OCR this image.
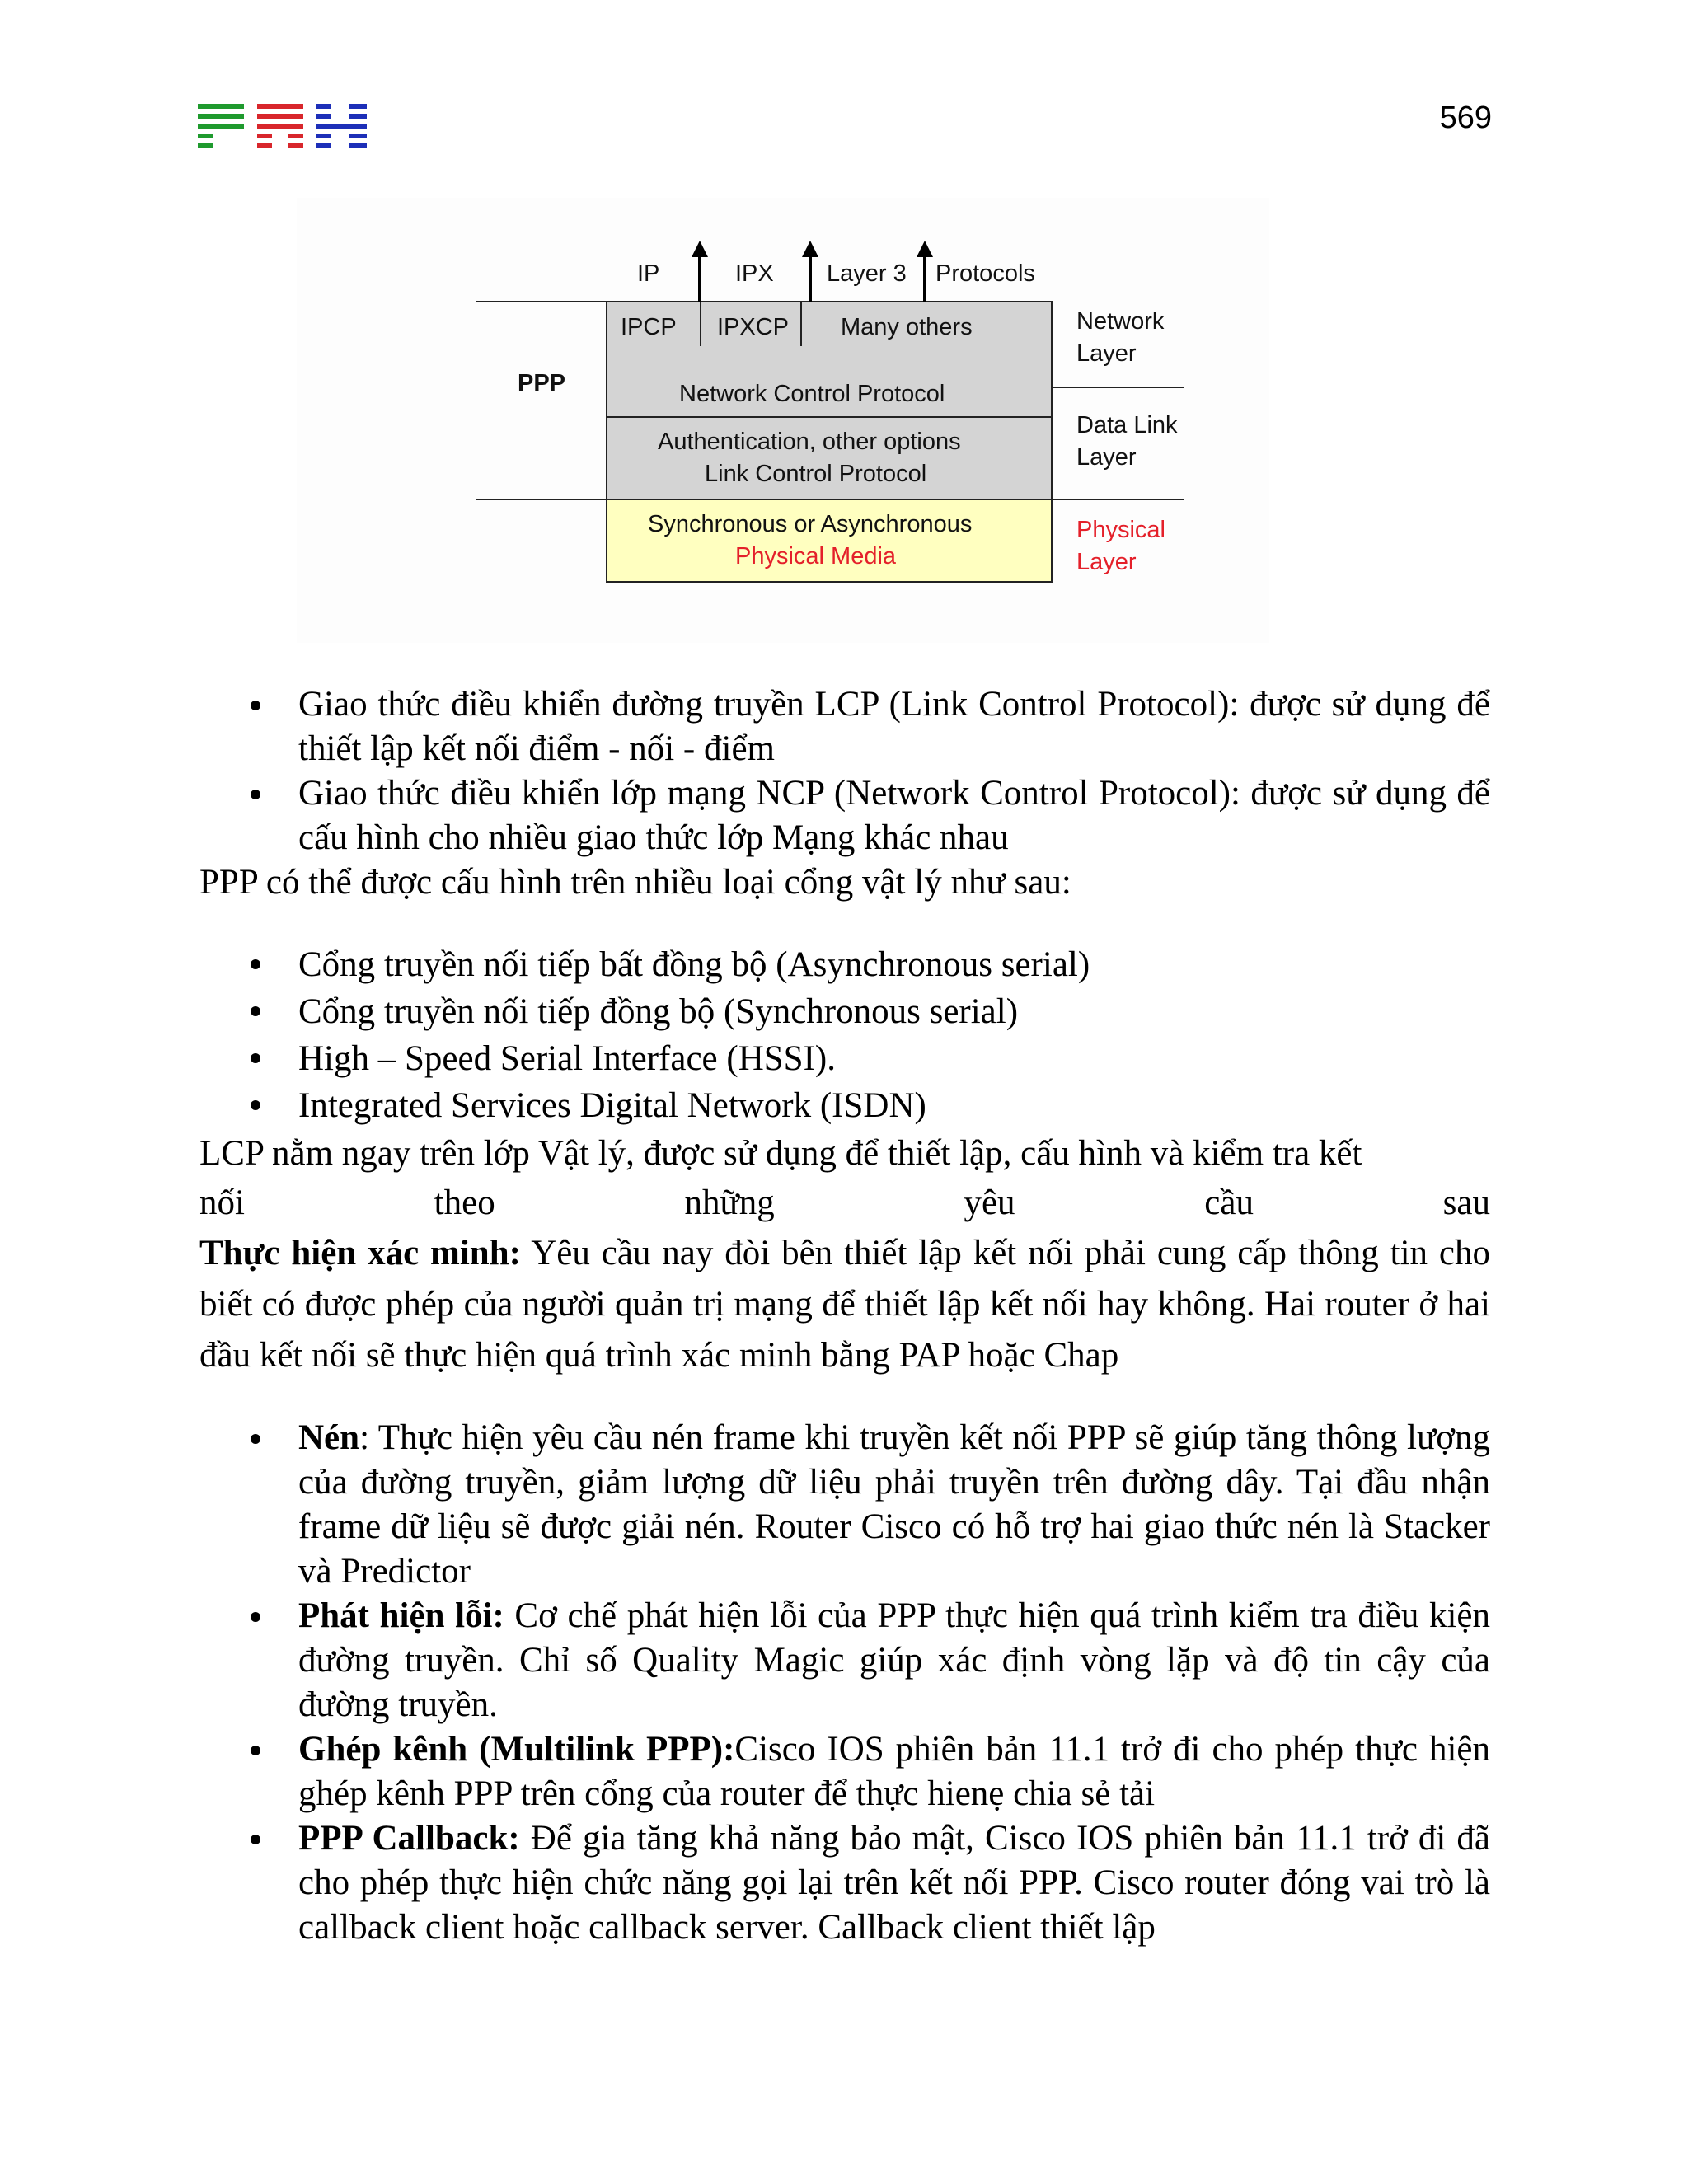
569
IP	IPX Layer 3 Protocols
PPP
IPCP IPXCP Many others
Network Control Protocol
Authentication, other options
Link Control Protocol
Synchronous or Asynchronous
Physical Media
Network
Layer
Data Link
Layer
Physical
Layer
Giao thức điều khiển đường truyền LCP (Link Control Protocol): được sử dụng để thiết lập kết nối điểm - nối - điểm
Giao thức điều khiển lớp mạng NCP (Network Control Protocol): được sử dụng để cấu hình cho nhiều giao thức lớp Mạng khác nhau

PPP có thể được cấu hình trên nhiều loại cổng vật lý như sau:

Cổng truyền nối tiếp bất đồng bộ (Asynchronous serial)
Cổng truyền nối tiếp đồng bộ (Synchronous serial)
High – Speed Serial Interface (HSSI).
Integrated Services Digital Network (ISDN)

LCP nằm ngay trên lớp Vật lý, được sử dụng để thiết lập, cấu hình và kiểm tra kết

nối	theo	những	yêu	cầu	sau

Thực hiện xác minh: Yêu cầu nay đòi bên thiết lập kết nối phải cung cấp thông tin cho biết có được phép của người quản trị mạng để thiết lập kết nối hay không. Hai router ở hai đầu kết nối sẽ thực hiện quá trình xác minh bằng PAP hoặc Chap

Nén: Thực hiện yêu cầu nén frame khi truyền kết nối PPP sẽ giúp tăng thông lượng của đường truyền, giảm lượng dữ liệu phải truyền trên đường dây. Tại đầu nhận frame dữ liệu sẽ được giải nén. Router Cisco có hỗ trợ hai giao thức nén là Stacker và Predictor
Phát hiện lỗi: Cơ chế phát hiện lỗi của PPP thực hiện quá trình kiểm tra điều kiện đường truyền. Chỉ số Quality Magic giúp xác định vòng lặp và độ tin cậy của đường truyền.
Ghép kênh (Multilink PPP):Cisco IOS phiên bản 11.1 trở đi cho phép thực hiện ghép kênh PPP trên cổng của router để thực hienẹ chia sẻ tải
PPP Callback: Để gia tăng khả năng bảo mật, Cisco IOS phiên bản 11.1 trở đi đã cho phép thực hiện chức năng gọi lại trên kết nối PPP. Cisco router đóng vai trò là callback client hoặc callback server. Callback client thiết lập
